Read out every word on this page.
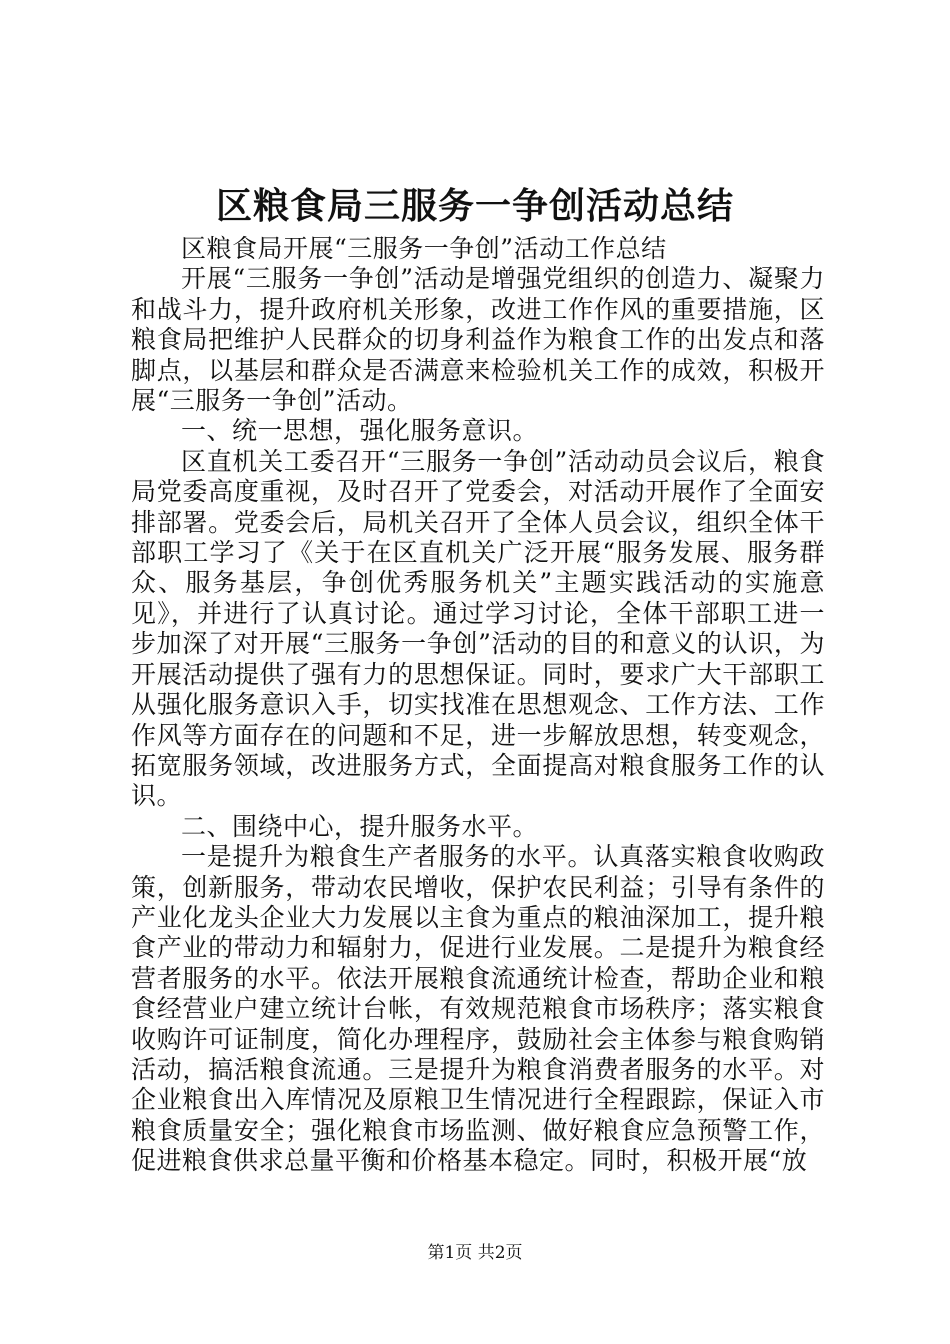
区粮食局三服务一争创活动总结

区粮食局开展“三服务一争创”活动工作总结

开展“三服务一争创”活动是增强党组织的创造力、凝聚力和战斗力，提升政府机关形象，改进工作作风的重要措施，区粮食局把维护人民群众的切身利益作为粮食工作的出发点和落脚点，以基层和群众是否满意来检验机关工作的成效，积极开展“三服务一争创”活动。

一、统一思想，强化服务意识。

区直机关工委召开“三服务一争创”活动动员会议后，粮食局党委高度重视，及时召开了党委会，对活动开展作了全面安排部署。党委会后，局机关召开了全体人员会议，组织全体干部职工学习了《关于在区直机关广泛开展“服务发展、服务群众、服务基层，争创优秀服务机关”主题实践活动的实施意见》，并进行了认真讨论。通过学习讨论，全体干部职工进一步加深了对开展“三服务一争创”活动的目的和意义的认识，为开展活动提供了强有力的思想保证。同时，要求广大干部职工从强化服务意识入手，切实找准在思想观念、工作方法、工作作风等方面存在的问题和不足，进一步解放思想，转变观念，拓宽服务领域，改进服务方式，全面提高对粮食服务工作的认识。

二、围绕中心，提升服务水平。

一是提升为粮食生产者服务的水平。认真落实粮食收购政策，创新服务，带动农民增收，保护农民利益；引导有条件的产业化龙头企业大力发展以主食为重点的粮油深加工，提升粮食产业的带动力和辐射力，促进行业发展。二是提升为粮食经营者服务的水平。依法开展粮食流通统计检查，帮助企业和粮食经营业户建立统计台帐，有效规范粮食市场秩序；落实粮食收购许可证制度，简化办理程序，鼓励社会主体参与粮食购销活动，搞活粮食流通。三是提升为粮食消费者服务的水平。对企业粮食出入库情况及原粮卫生情况进行全程跟踪，保证入市粮食质量安全；强化粮食市场监测、做好粮食应急预警工作，促进粮食供求总量平衡和价格基本稳定。同时，积极开展“放

第1页 共2页
